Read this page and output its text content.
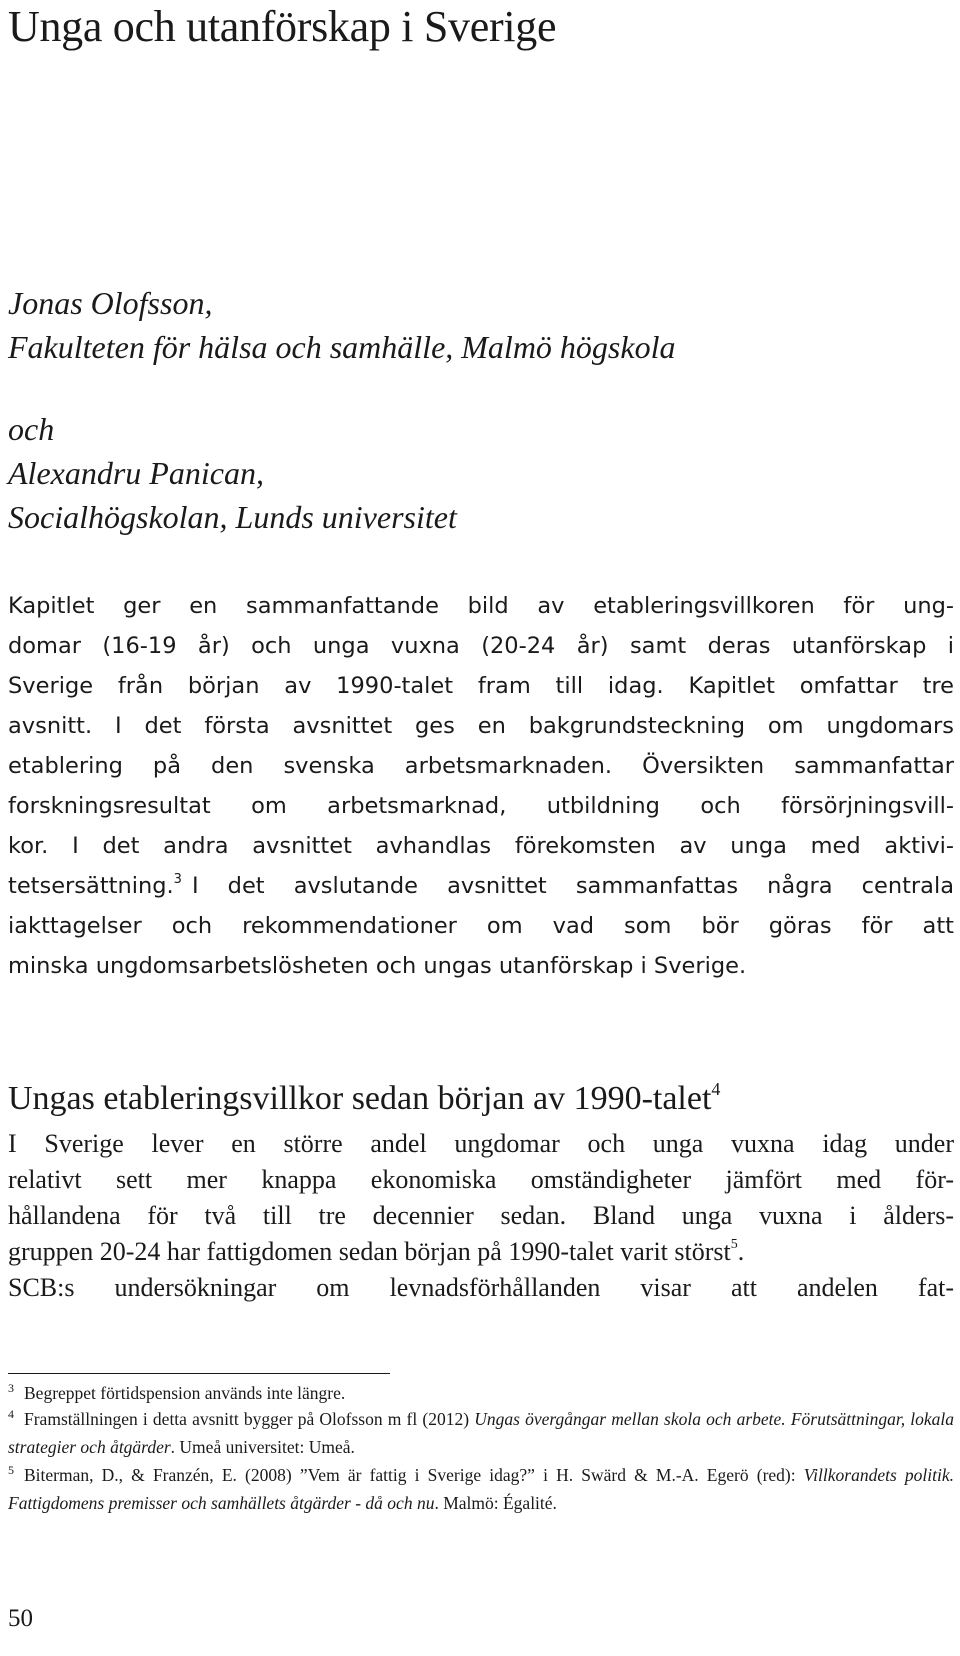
Unga och utanförskap i Sverige
Jonas Olofsson,
Fakulteten för hälsa och samhälle, Malmö högskola
och
Alexandru Panican,
Socialhögskolan, Lunds universitet
Kapitlet ger en sammanfattande bild av etableringsvillkoren för ung-
domar (16-19 år) och unga vuxna (20-24 år) samt deras utanförskap i
Sverige från början av 1990-talet fram till idag. Kapitlet omfattar tre
avsnitt. I det första avsnittet ges en bakgrundsteckning om ungdomars
etablering på den svenska arbetsmarknaden. Översikten sammanfattar
forskningsresultat om arbetsmarknad, utbildning och försörjningsvill-
kor. I det andra avsnittet avhandlas förekomsten av unga med aktivi-
tetsersättning.$^3$ I det avslutande avsnittet sammanfattas några centrala
iakttagelser och rekommendationer om vad som bör göras för att
minska ungdomsarbetslösheten och ungas utanförskap i Sverige.
Ungas etableringsvillkor sedan början av 1990-talet$^4$
I Sverige lever en större andel ungdomar och unga vuxna idag under
relativt sett mer knappa ekonomiska omständigheter jämfört med för-
hållandena för två till tre decennier sedan. Bland unga vuxna i ålders-
gruppen 20-24 har fattigdomen sedan början på 1990-talet varit störst$^5$.
SCB:s undersökningar om levnadsförhållanden visar att andelen fat-
$^3$ Begreppet förtidspension används inte längre.
$^4$ Framställningen i detta avsnitt bygger på Olofsson m fl (2012) Ungas övergångar mellan skola och arbete. Förutsättningar, lokala strategier och åtgärder. Umeå universitet: Umeå.
$^5$ Biterman, D., & Franzén, E. (2008) ”Vem är fattig i Sverige idag?” i H. Swärd & M.-A. Egerö (red): Villkorandets politik. Fattigdomens premisser och samhällets åtgärder - då och nu. Malmö: Égalité.
50
